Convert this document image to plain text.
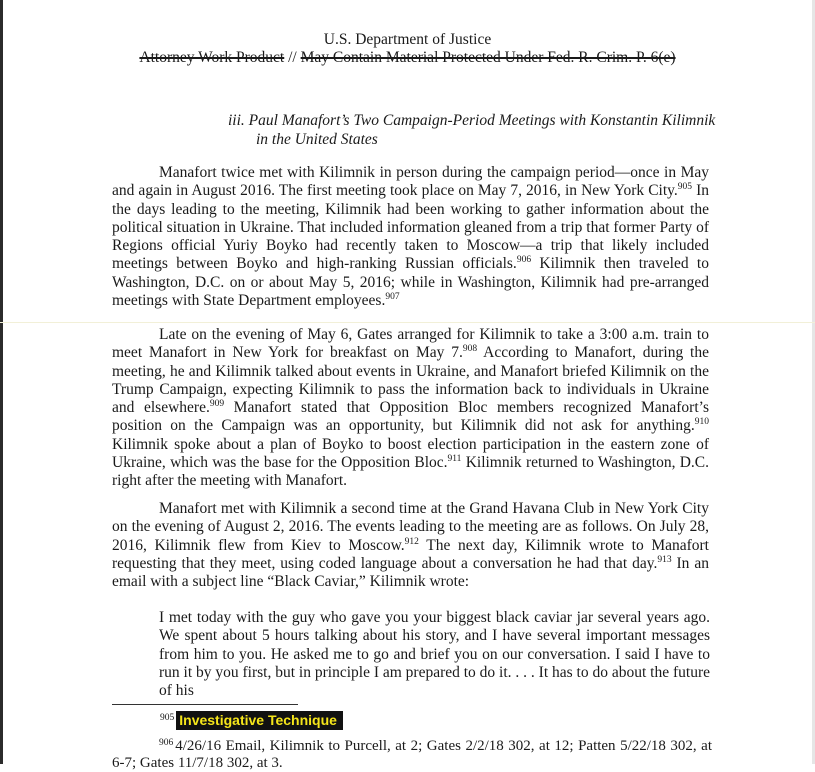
U.S. Department of Justice
Attorney Work Product // May Contain Material Protected Under Fed. R. Crim. P. 6(e)
iii. Paul Manafort’s Two Campaign-Period Meetings with Konstantin Kilimnik
in the United States
Manafort twice met with Kilimnik in person during the campaign period—once in May and again in August 2016. The first meeting took place on May 7, 2016, in New York City.$^{905}$ In the days leading to the meeting, Kilimnik had been working to gather information about the political situation in Ukraine. That included information gleaned from a trip that former Party of Regions official Yuriy Boyko had recently taken to Moscow—a trip that likely included meetings between Boyko and high-ranking Russian officials.$^{906}$ Kilimnik then traveled to Washington, D.C. on or about May 5, 2016; while in Washington, Kilimnik had pre-arranged meetings with State Department employees.$^{907}$
Late on the evening of May 6, Gates arranged for Kilimnik to take a 3:00 a.m. train to meet Manafort in New York for breakfast on May 7.$^{908}$ According to Manafort, during the meeting, he and Kilimnik talked about events in Ukraine, and Manafort briefed Kilimnik on the Trump Campaign, expecting Kilimnik to pass the information back to individuals in Ukraine and elsewhere.$^{909}$ Manafort stated that Opposition Bloc members recognized Manafort’s position on the Campaign was an opportunity, but Kilimnik did not ask for anything.$^{910}$ Kilimnik spoke about a plan of Boyko to boost election participation in the eastern zone of Ukraine, which was the base for the Opposition Bloc.$^{911}$ Kilimnik returned to Washington, D.C. right after the meeting with Manafort.
Manafort met with Kilimnik a second time at the Grand Havana Club in New York City on the evening of August 2, 2016. The events leading to the meeting are as follows. On July 28, 2016, Kilimnik flew from Kiev to Moscow.$^{912}$ The next day, Kilimnik wrote to Manafort requesting that they meet, using coded language about a conversation he had that day.$^{913}$ In an email with a subject line “Black Caviar,” Kilimnik wrote:
I met today with the guy who gave you your biggest black caviar jar several years ago. We spent about 5 hours talking about his story, and I have several important messages from him to you. He asked me to go and brief you on our conversation. I said I have to run it by you first, but in principle I am prepared to do it. . . . It has to do about the future of his
$^{905}$ Investigative Technique
$^{906}$ 4/26/16 Email, Kilimnik to Purcell, at 2; Gates 2/2/18 302, at 12; Patten 5/22/18 302, at 6-7; Gates 11/7/18 302, at 3.
